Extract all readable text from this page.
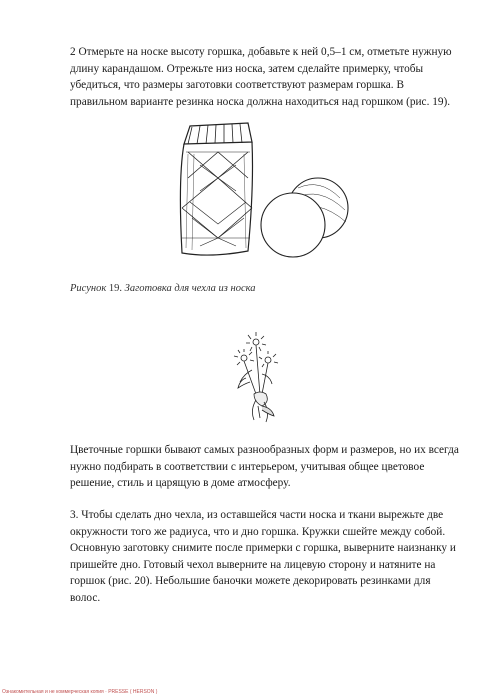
2 Отмерьте на носке высоту горшка, добавьте к ней 0,5–1 см, отметьте нужную длину карандашом. Отрежьте низ носка, затем сделайте примерку, чтобы убедиться, что размеры заготовки соответствуют размерам горшка. В правильном варианте резинка носка должна находиться над горшком (рис. 19).

Рисунок 19. Заготовка для чехла из носка

Цветочные горшки бывают самых разнообразных форм и размеров, но их всегда нужно подбирать в соответствии с интерьером, учитывая общее цветовое решение, стиль и царящую в доме атмосферу.

3. Чтобы сделать дно чехла, из оставшейся части носка и ткани вырежьте две окружности того же радиуса, что и дно горшка. Кружки сшейте между собой. Основную заготовку снимите после примерки с горшка, выверните наизнанку и пришейте дно. Готовый чехол выверните на лицевую сторону и натяните на горшок (рис. 20). Небольшие баночки можете декорировать резинками для волос.

Ознакомительная и не коммерческая копия · PRESSE ( HERSON )
